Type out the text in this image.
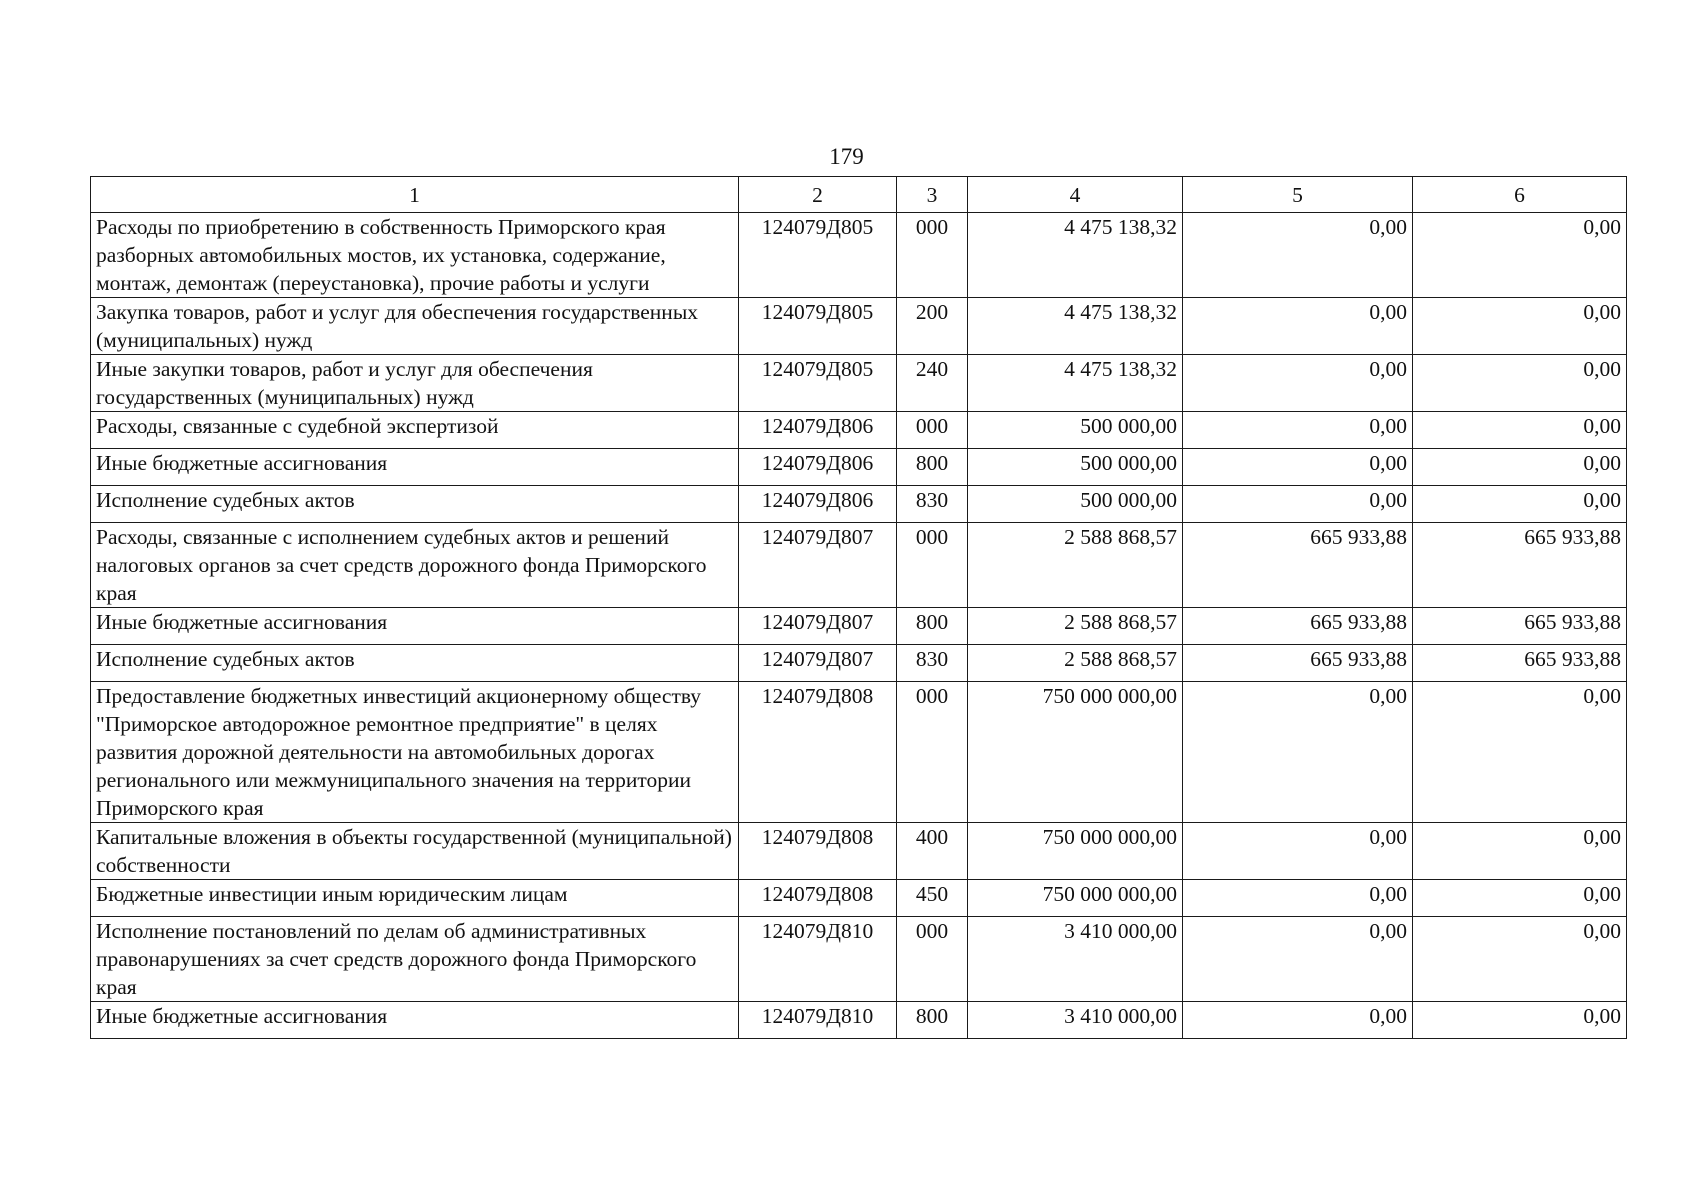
179
1	2	3	4	5	6
Расходы по приобретению в собственность Приморского края разборных автомобильных мостов, их установка, содержание, монтаж, демонтаж (переустановка), прочие работы и услуги	124079Д805	000	4 475 138,32	0,00	0,00
Закупка товаров, работ и услуг для обеспечения государственных (муниципальных) нужд	124079Д805	200	4 475 138,32	0,00	0,00
Иные закупки товаров, работ и услуг для обеспечения государственных (муниципальных) нужд	124079Д805	240	4 475 138,32	0,00	0,00
Расходы, связанные с судебной экспертизой	124079Д806	000	500 000,00	0,00	0,00
Иные бюджетные ассигнования	124079Д806	800	500 000,00	0,00	0,00
Исполнение судебных актов	124079Д806	830	500 000,00	0,00	0,00
Расходы, связанные с исполнением судебных актов и решений налоговых органов за счет средств дорожного фонда Приморского края	124079Д807	000	2 588 868,57	665 933,88	665 933,88
Иные бюджетные ассигнования	124079Д807	800	2 588 868,57	665 933,88	665 933,88
Исполнение судебных актов	124079Д807	830	2 588 868,57	665 933,88	665 933,88
Предоставление бюджетных инвестиций акционерному обществу "Приморское автодорожное ремонтное предприятие" в целях развития дорожной деятельности на автомобильных дорогах регионального или межмуниципального значения на территории Приморского края	124079Д808	000	750 000 000,00	0,00	0,00
Капитальные вложения в объекты государственной (муниципальной) собственности	124079Д808	400	750 000 000,00	0,00	0,00
Бюджетные инвестиции иным юридическим лицам	124079Д808	450	750 000 000,00	0,00	0,00
Исполнение постановлений по делам об административных правонарушениях за счет средств дорожного фонда Приморского края	124079Д810	000	3 410 000,00	0,00	0,00
Иные бюджетные ассигнования	124079Д810	800	3 410 000,00	0,00	0,00
